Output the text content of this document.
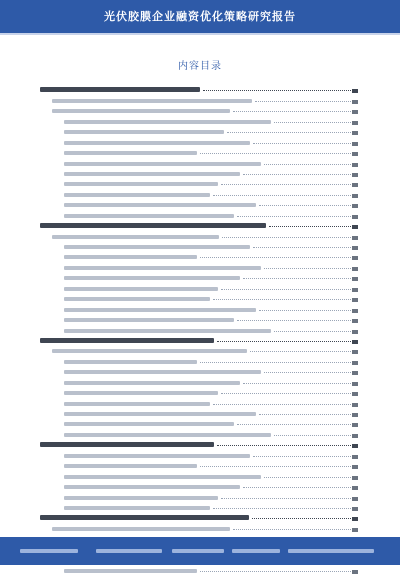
光伏胶膜企业融资优化策略研究报告
内容目录
